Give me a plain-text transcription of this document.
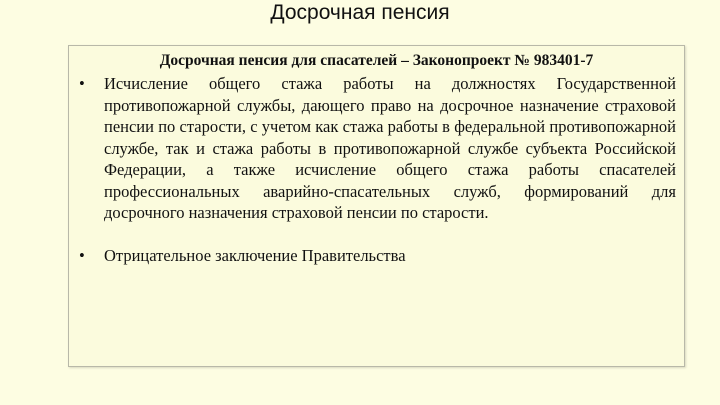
Досрочная пенсия
Досрочная пенсия для спасателей – Законопроект № 983401-7
• Исчисление общего стажа работы на должностях Государственной противопожарной службы, дающего право на досрочное назначение страховой пенсии по старости, с учетом как стажа работы в федеральной противопожарной службе, так и стажа работы в противопожарной службе субъекта Российской Федерации, а также исчисление общего стажа работы спасателей профессиональных аварийно-спасательных служб, формирований для досрочного назначения страховой пенсии по старости.
• Отрицательное заключение Правительства
